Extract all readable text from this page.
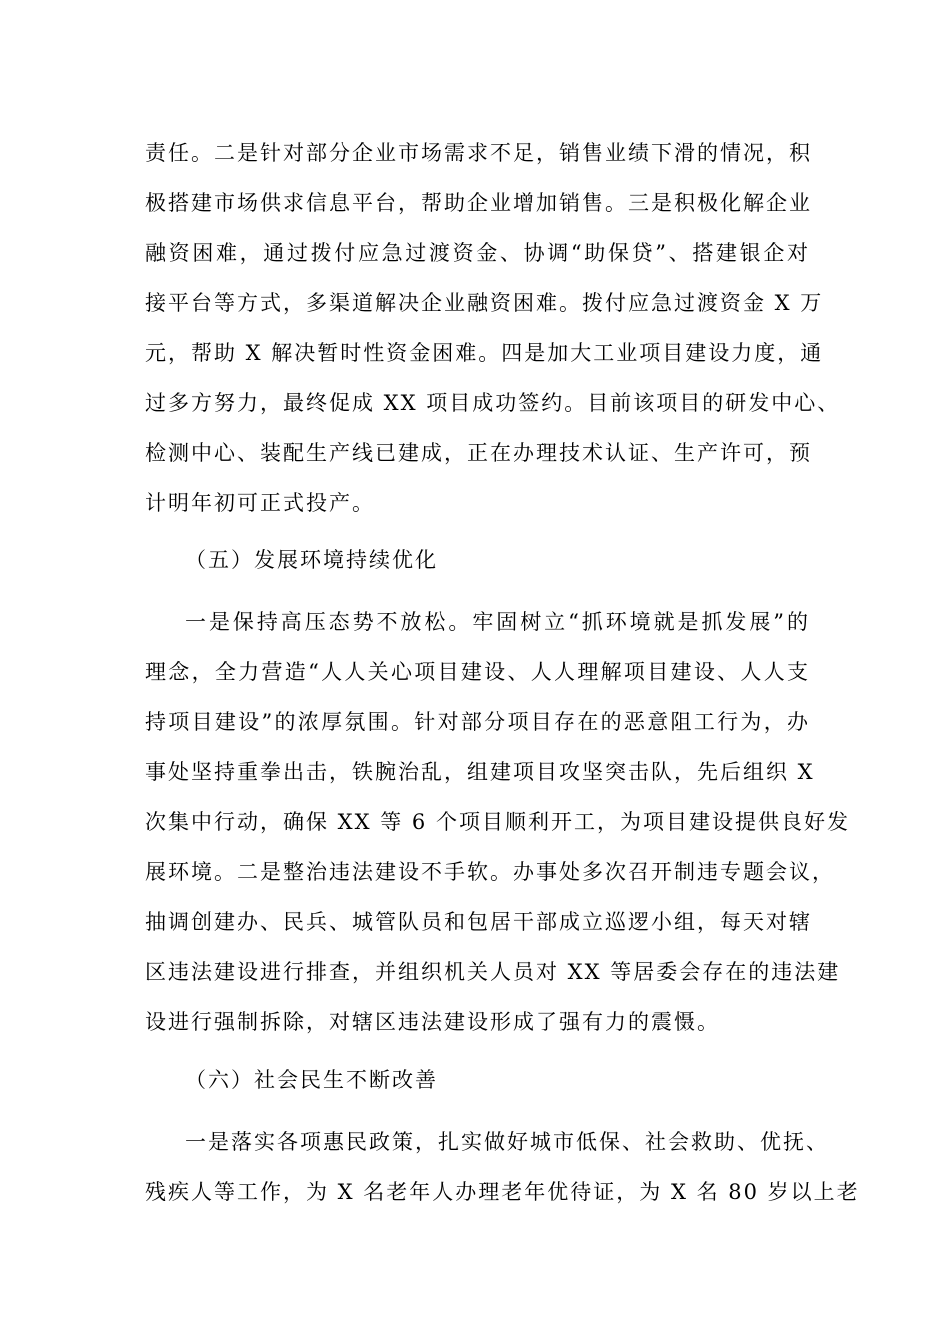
责任。二是针对部分企业市场需求不足，销售业绩下滑的情况，积
极搭建市场供求信息平台，帮助企业增加销售。三是积极化解企业
融资困难，通过拨付应急过渡资金、协调“助保贷”、搭建银企对
接平台等方式，多渠道解决企业融资困难。拨付应急过渡资金 X 万
元，帮助 X 解决暂时性资金困难。四是加大工业项目建设力度，通
过多方努力，最终促成 XX 项目成功签约。目前该项目的研发中心、
检测中心、装配生产线已建成，正在办理技术认证、生产许可，预
计明年初可正式投产。
（五）发展环境持续优化
一是保持高压态势不放松。牢固树立“抓环境就是抓发展”的
理念，全力营造“人人关心项目建设、人人理解项目建设、人人支
持项目建设”的浓厚氛围。针对部分项目存在的恶意阻工行为，办
事处坚持重拳出击，铁腕治乱，组建项目攻坚突击队，先后组织 X
次集中行动，确保 XX 等 6 个项目顺利开工，为项目建设提供良好发
展环境。二是整治违法建设不手软。办事处多次召开制违专题会议，
抽调创建办、民兵、城管队员和包居干部成立巡逻小组，每天对辖
区违法建设进行排查，并组织机关人员对 XX 等居委会存在的违法建
设进行强制拆除，对辖区违法建设形成了强有力的震慑。
（六）社会民生不断改善
一是落实各项惠民政策，扎实做好城市低保、社会救助、优抚、
残疾人等工作，为 X 名老年人办理老年优待证，为 X 名 80 岁以上老
